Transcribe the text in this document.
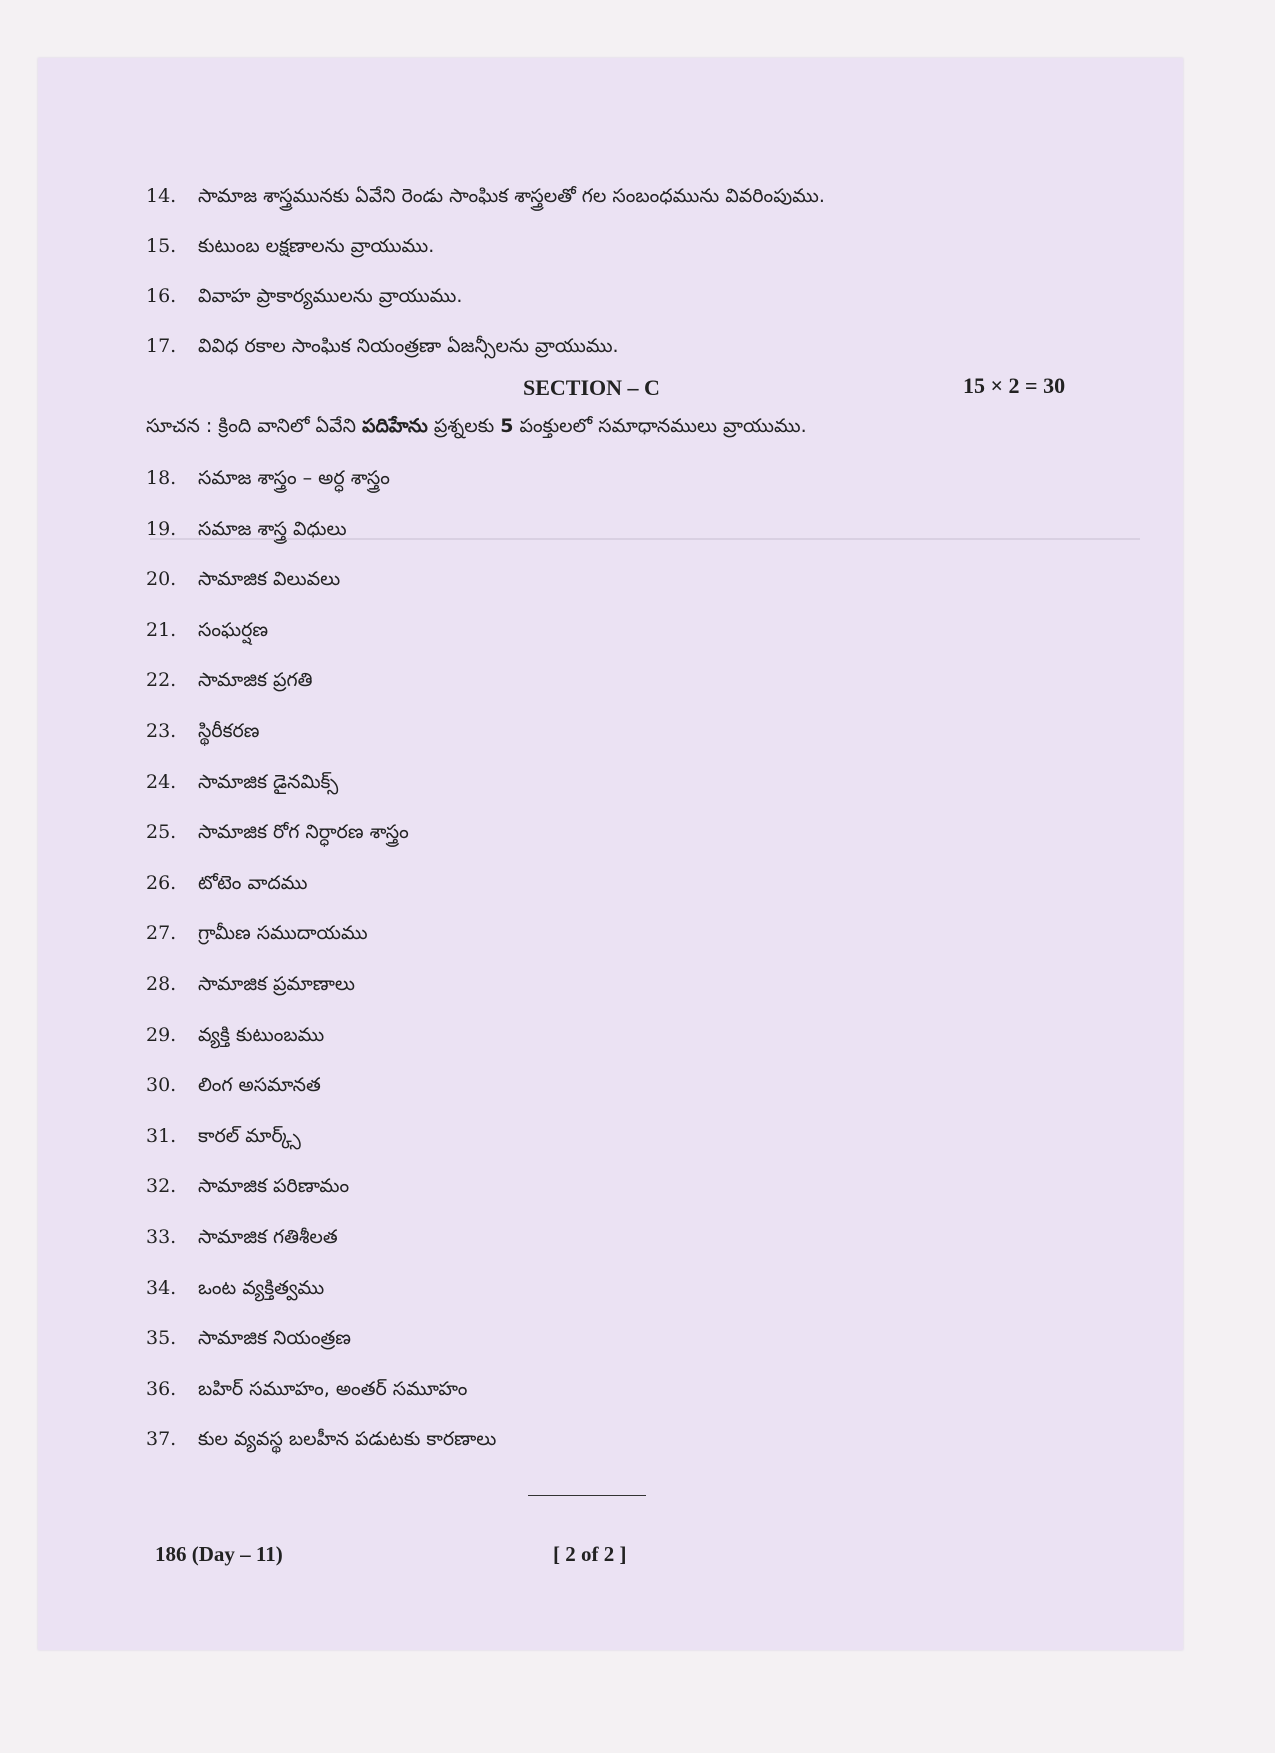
14. సామాజ శాస్త్రమునకు ఏవేని రెండు సాంఘిక శాస్త్రలతో గల సంబంధమును వివరింపుము.
15. కుటుంబ లక్షణాలను వ్రాయుము.
16. వివాహ ప్రాకార్యములను వ్రాయుము.
17. వివిధ రకాల సాంఘిక నియంత్రణా ఏజన్సీలను వ్రాయుము.
SECTION – C	15 × 2 = 30
సూచన : క్రింది వానిలో ఏవేని పదిహేను ప్రశ్నలకు 5 పంక్తులలో సమాధానములు వ్రాయుము.
18. సమాజ శాస్త్రం – అర్ధ శాస్త్రం
19. సమాజ శాస్త్ర విధులు
20. సామాజిక విలువలు
21. సంఘర్షణ
22. సామాజిక ప్రగతి
23. స్థిరీకరణ
24. సామాజిక డైనమిక్స్
25. సామాజిక రోగ నిర్ధారణ శాస్త్రం
26. టోటెం వాదము
27. గ్రామీణ సముదాయము
28. సామాజిక ప్రమాణాలు
29. వ్యక్తి కుటుంబము
30. లింగ అసమానత
31. కారల్ మార్క్స్
32. సామాజిక పరిణామం
33. సామాజిక గతిశీలత
34. ఒంట వ్యక్తిత్వము
35. సామాజిక నియంత్రణ
36. బహిర్ సమూహం, అంతర్ సమూహం
37. కుల వ్యవస్థ బలహీన పడుటకు కారణాలు
186 (Day – 11)	[ 2 of 2 ]
